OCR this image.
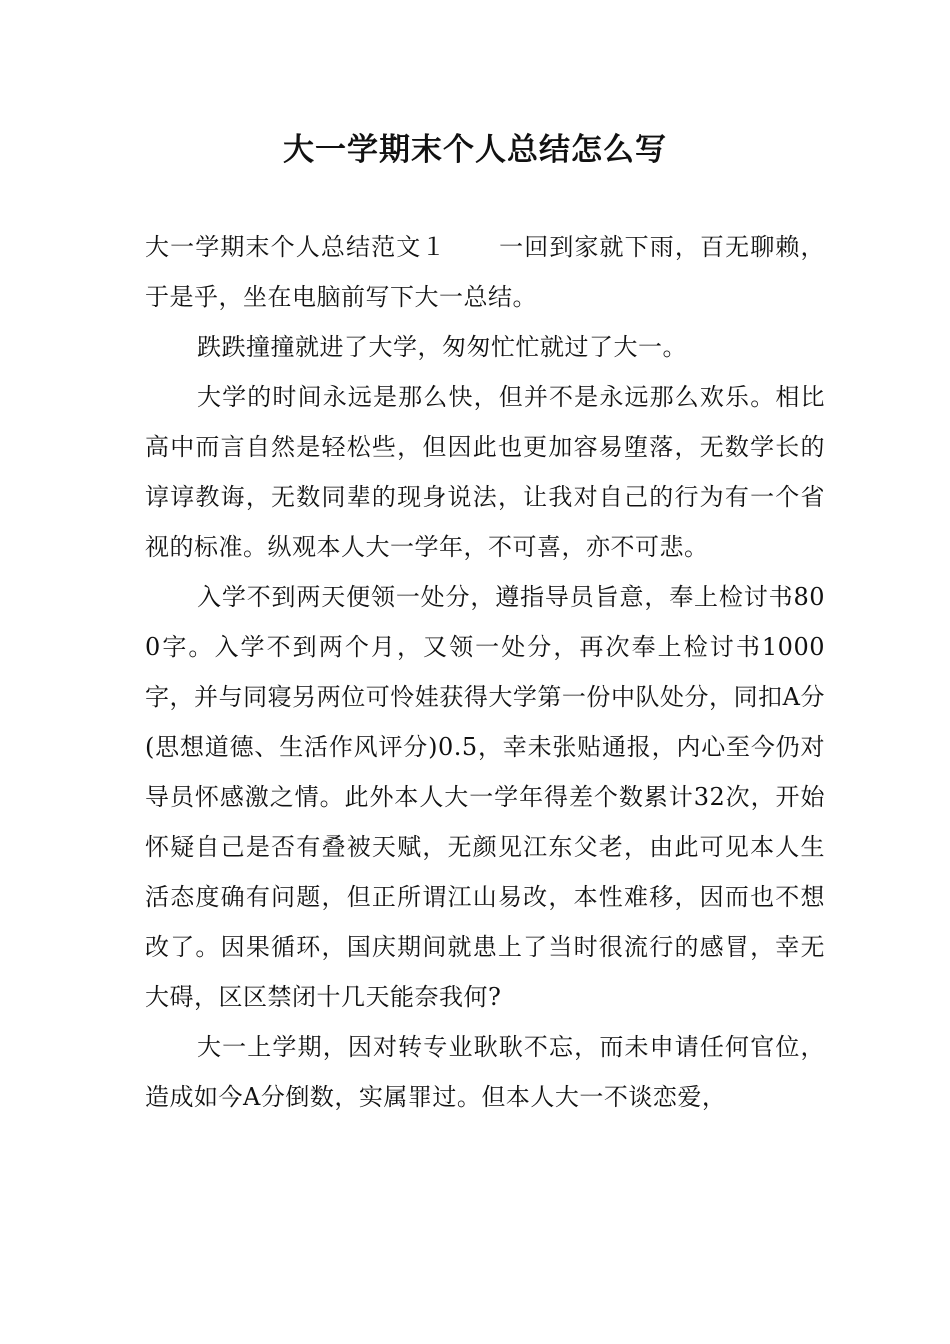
大一学期末个人总结怎么写

大一学期末个人总结范文１ 一回到家就下雨，百无聊赖，于是乎，坐在电脑前写下大一总结。

跌跌撞撞就进了大学，匆匆忙忙就过了大一。

大学的时间永远是那么快，但并不是永远那么欢乐。相比高中而言自然是轻松些，但因此也更加容易堕落，无数学长的谆谆教诲，无数同辈的现身说法，让我对自己的行为有一个省视的标准。纵观本人大一学年，不可喜，亦不可悲。

入学不到两天便领一处分，遵指导员旨意，奉上检讨书800字。入学不到两个月，又领一处分，再次奉上检讨书1000字，并与同寝另两位可怜娃获得大学第一份中队处分，同扣A分(思想道德、生活作风评分)0.5，幸未张贴通报，内心至今仍对导员怀感激之情。此外本人大一学年得差个数累计32次，开始怀疑自己是否有叠被天赋，无颜见江东父老，由此可见本人生活态度确有问题，但正所谓江山易改，本性难移，因而也不想改了。因果循环，国庆期间就患上了当时很流行的感冒，幸无大碍，区区禁闭十几天能奈我何?

大一上学期，因对转专业耿耿不忘，而未申请任何官位，造成如今A分倒数，实属罪过。但本人大一不谈恋爱，
